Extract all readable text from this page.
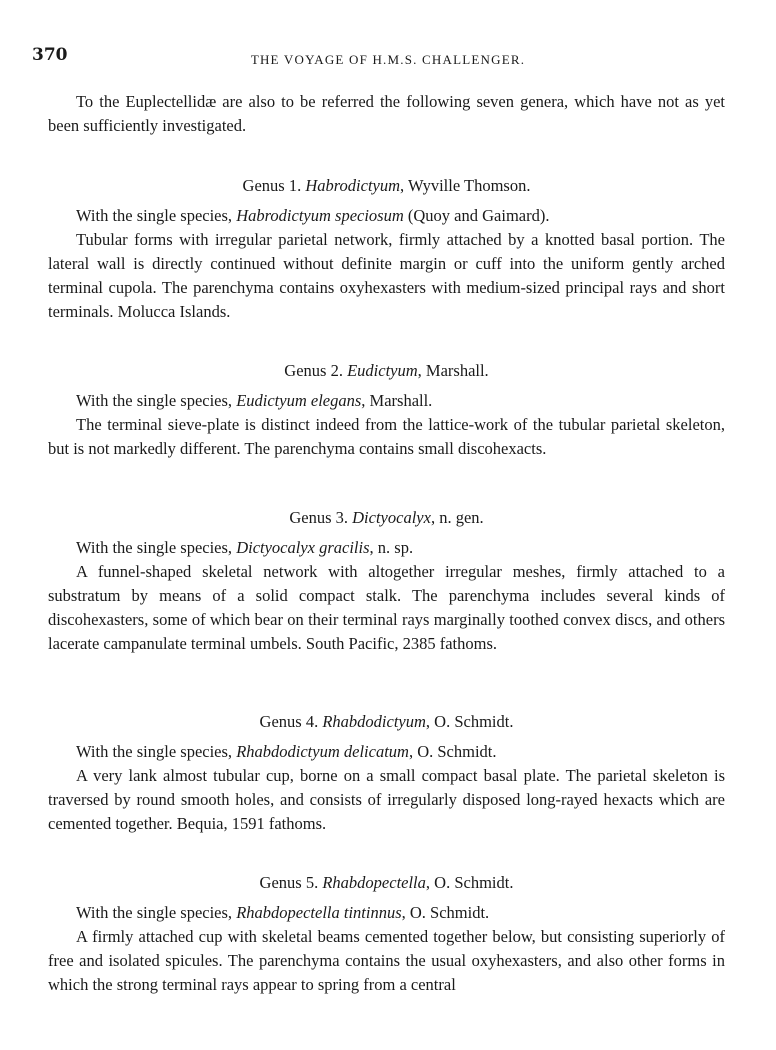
370	THE VOYAGE OF H.M.S. CHALLENGER.

To the Euplectellidæ are also to be referred the following seven genera, which have not as yet been sufficiently investigated.

Genus 1. Habrodictyum, Wyville Thomson.

With the single species, Habrodictyum speciosum (Quoy and Gaimard).

Tubular forms with irregular parietal network, firmly attached by a knotted basal portion. The lateral wall is directly continued without definite margin or cuff into the uniform gently arched terminal cupola. The parenchyma contains oxyhexasters with medium-sized principal rays and short terminals. Molucca Islands.

Genus 2. Eudictyum, Marshall.

With the single species, Eudictyum elegans, Marshall.

The terminal sieve-plate is distinct indeed from the lattice-work of the tubular parietal skeleton, but is not markedly different. The parenchyma contains small discohexacts.

Genus 3. Dictyocalyx, n. gen.

With the single species, Dictyocalyx gracilis, n. sp.

A funnel-shaped skeletal network with altogether irregular meshes, firmly attached to a substratum by means of a solid compact stalk. The parenchyma includes several kinds of discohexasters, some of which bear on their terminal rays marginally toothed convex discs, and others lacerate campanulate terminal umbels. South Pacific, 2385 fathoms.

Genus 4. Rhabdodictyum, O. Schmidt.

With the single species, Rhabdodictyum delicatum, O. Schmidt.

A very lank almost tubular cup, borne on a small compact basal plate. The parietal skeleton is traversed by round smooth holes, and consists of irregularly disposed long-rayed hexacts which are cemented together. Bequia, 1591 fathoms.

Genus 5. Rhabdopectella, O. Schmidt.

With the single species, Rhabdopectella tintinnus, O. Schmidt.

A firmly attached cup with skeletal beams cemented together below, but consisting superiorly of free and isolated spicules. The parenchyma contains the usual oxyhexasters, and also other forms in which the strong terminal rays appear to spring from a central
